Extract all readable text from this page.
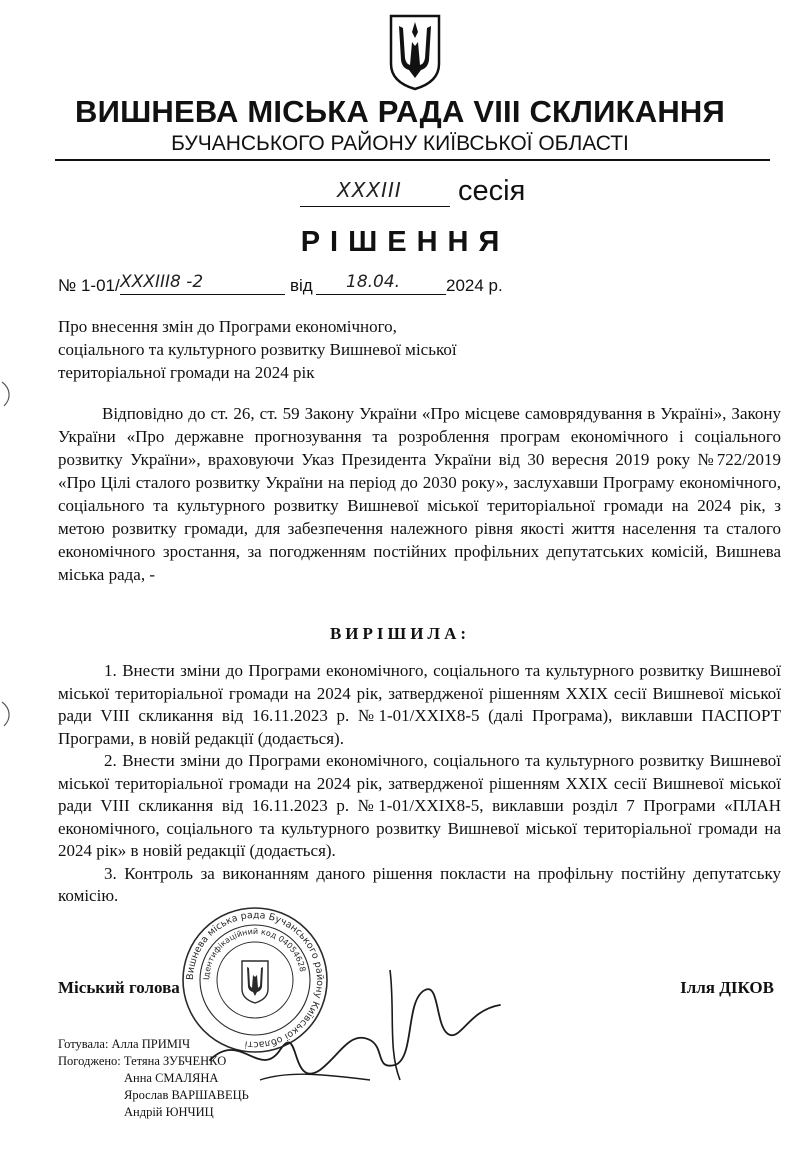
ВИШНЕВА МІСЬКА РАДА VIII СКЛИКАННЯ
БУЧАНСЬКОГО РАЙОНУ КИЇВСЬКОЇ ОБЛАСТІ
XXXIII сесія
РІШЕННЯ
№ 1-01/ XXXIII8 -2	від 18.04.	2024 р.
Про внесення змін до Програми економічного, соціального та культурного розвитку Вишневої міської територіальної громади на 2024 рік
Відповідно до ст. 26, ст. 59 Закону України «Про місцеве самоврядування в Україні», Закону України «Про державне прогнозування та розроблення програм економічного і соціального розвитку України», враховуючи Указ Президента України від 30 вересня 2019 року №722/2019 «Про Цілі сталого розвитку України на період до 2030 року», заслухавши Програму економічного, соціального та культурного розвитку Вишневої міської територіальної громади на 2024 рік, з метою розвитку громади, для забезпечення належного рівня якості життя населення та сталого економічного зростання, за погодженням постійних профільних депутатських комісій, Вишнева міська рада, -
ВИРІШИЛА:

1. Внести зміни до Програми економічного, соціального та культурного розвитку Вишневої міської територіальної громади на 2024 рік, затвердженої рішенням XXIX сесії Вишневої міської ради VIII скликання від 16.11.2023 р. №1-01/XXIX8-5 (далі Програма), виклавши ПАСПОРТ Програми, в новій редакції (додається).

2. Внести зміни до Програми економічного, соціального та культурного розвитку Вишневої міської територіальної громади на 2024 рік, затвердженої рішенням XXIX сесії Вишневої міської ради VIII скликання від 16.11.2023 р. №1-01/XXIX8-5, виклавши розділ 7 Програми «ПЛАН економічного, соціального та культурного розвитку Вишневої міської територіальної громади на 2024 рік» в новій редакції (додається).

3. Контроль за виконанням даного рішення покласти на профільну постійну депутатську комісію.

Міський голова	Ілля ДІКОВ
Вишнева міська рада Бучанського району Київської області
Ідентифікаційний код 04054628
Готувала: Алла ПРИМІЧ
Погоджено: Тетяна ЗУБЧЕНКО
Анна СМАЛЯНА
Ярослав ВАРШАВЕЦЬ
Андрій ЮНЧИЦ
